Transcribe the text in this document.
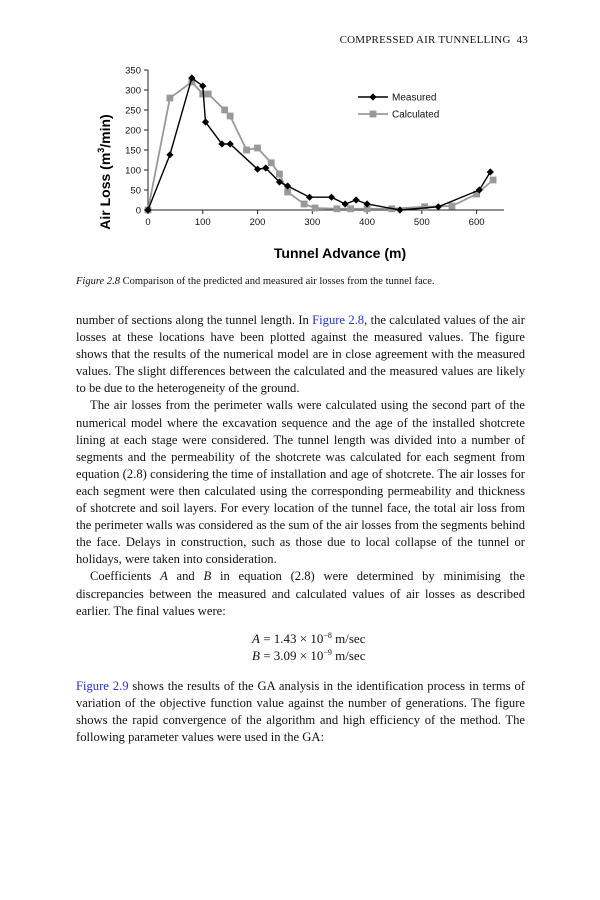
COMPRESSED AIR TUNNELLING 43
0	100	200	300	400	500	600
0
50
100
150
200
250
300
350
Measured
Calculated
Tunnel Advance (m)
Air Loss $(m^3/\min)$
Figure 2.8 Comparison of the predicted and measured air losses from the tunnel face.

number of sections along the tunnel length. In Figure 2.8, the calculated values of the air losses at these locations have been plotted against the measured values. The figure shows that the results of the numerical model are in close agreement with the measured values. The slight differences between the calculated and the measured values are likely to be due to the heterogeneity of the ground.

The air losses from the perimeter walls were calculated using the second part of the numerical model where the excavation sequence and the age of the installed shotcrete lining at each stage were considered. The tunnel length was divided into a number of segments and the permeability of the shotcrete was calculated for each segment from equation (2.8) considering the time of installation and age of shotcrete. The air losses for each segment were then calculated using the corresponding permeability and thickness of shotcrete and soil layers. For every location of the tunnel face, the total air loss from the perimeter walls was considered as the sum of the air losses from the segments behind the face. Delays in construction, such as those due to local collapse of the tunnel or holidays, were taken into consideration.

Coefficients A and B in equation (2.8) were determined by minimising the discrepancies between the measured and calculated values of air losses as described earlier. The final values were:

$A = 1.43 \times 10^{-8}$ m/sec
$B = 3.09 \times 10^{-9}$ m/sec

Figure 2.9 shows the results of the GA analysis in the identification process in terms of variation of the objective function value against the number of generations. The figure shows the rapid convergence of the algorithm and high efficiency of the method. The following parameter values were used in the GA:
